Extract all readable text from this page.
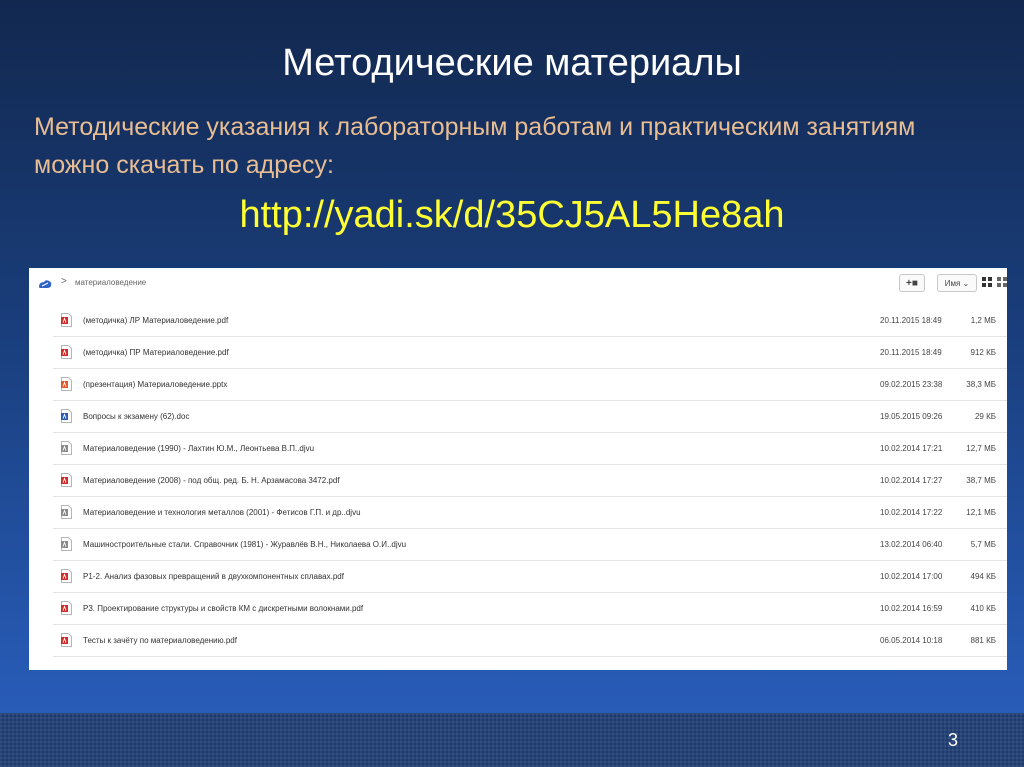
Методические материалы
Методические указания к лабораторным работам и практическим занятиям можно скачать по адресу:
http://yadi.sk/d/35CJ5AL5He8ah
> материаловедение	+■	Имя ⌄
(методичка) ЛР Материаловедение.pdf	20.11.2015 18:49	1,2 МБ
(методичка) ПР Материаловедение.pdf	20.11.2015 18:49	912 КБ
(презентация) Материаловедение.pptx	09.02.2015 23:38	38,3 МБ
Вопросы к экзамену (62).doc	19.05.2015 09:26	29 КБ
Материаловедение (1990) - Лахтин Ю.М., Леонтьева В.П..djvu	10.02.2014 17:21	12,7 МБ
Материаловедение (2008) - под общ. ред. Б. Н. Арзамасова 3472.pdf	10.02.2014 17:27	38,7 МБ
Материаловедение и технология металлов (2001) - Фетисов Г.П. и др..djvu	10.02.2014 17:22	12,1 МБ
Машиностроительные стали. Справочник (1981) - Журавлёв В.Н., Николаева О.И..djvu	13.02.2014 06:40	5,7 МБ
Р1-2. Анализ фазовых превращений в двухкомпонентных сплавах.pdf	10.02.2014 17:00	494 КБ
Р3. Проектирование структуры и свойств КМ с дискретными волокнами.pdf	10.02.2014 16:59	410 КБ
Тесты к зачёту по материаловедению.pdf	06.05.2014 10:18	881 КБ
3
